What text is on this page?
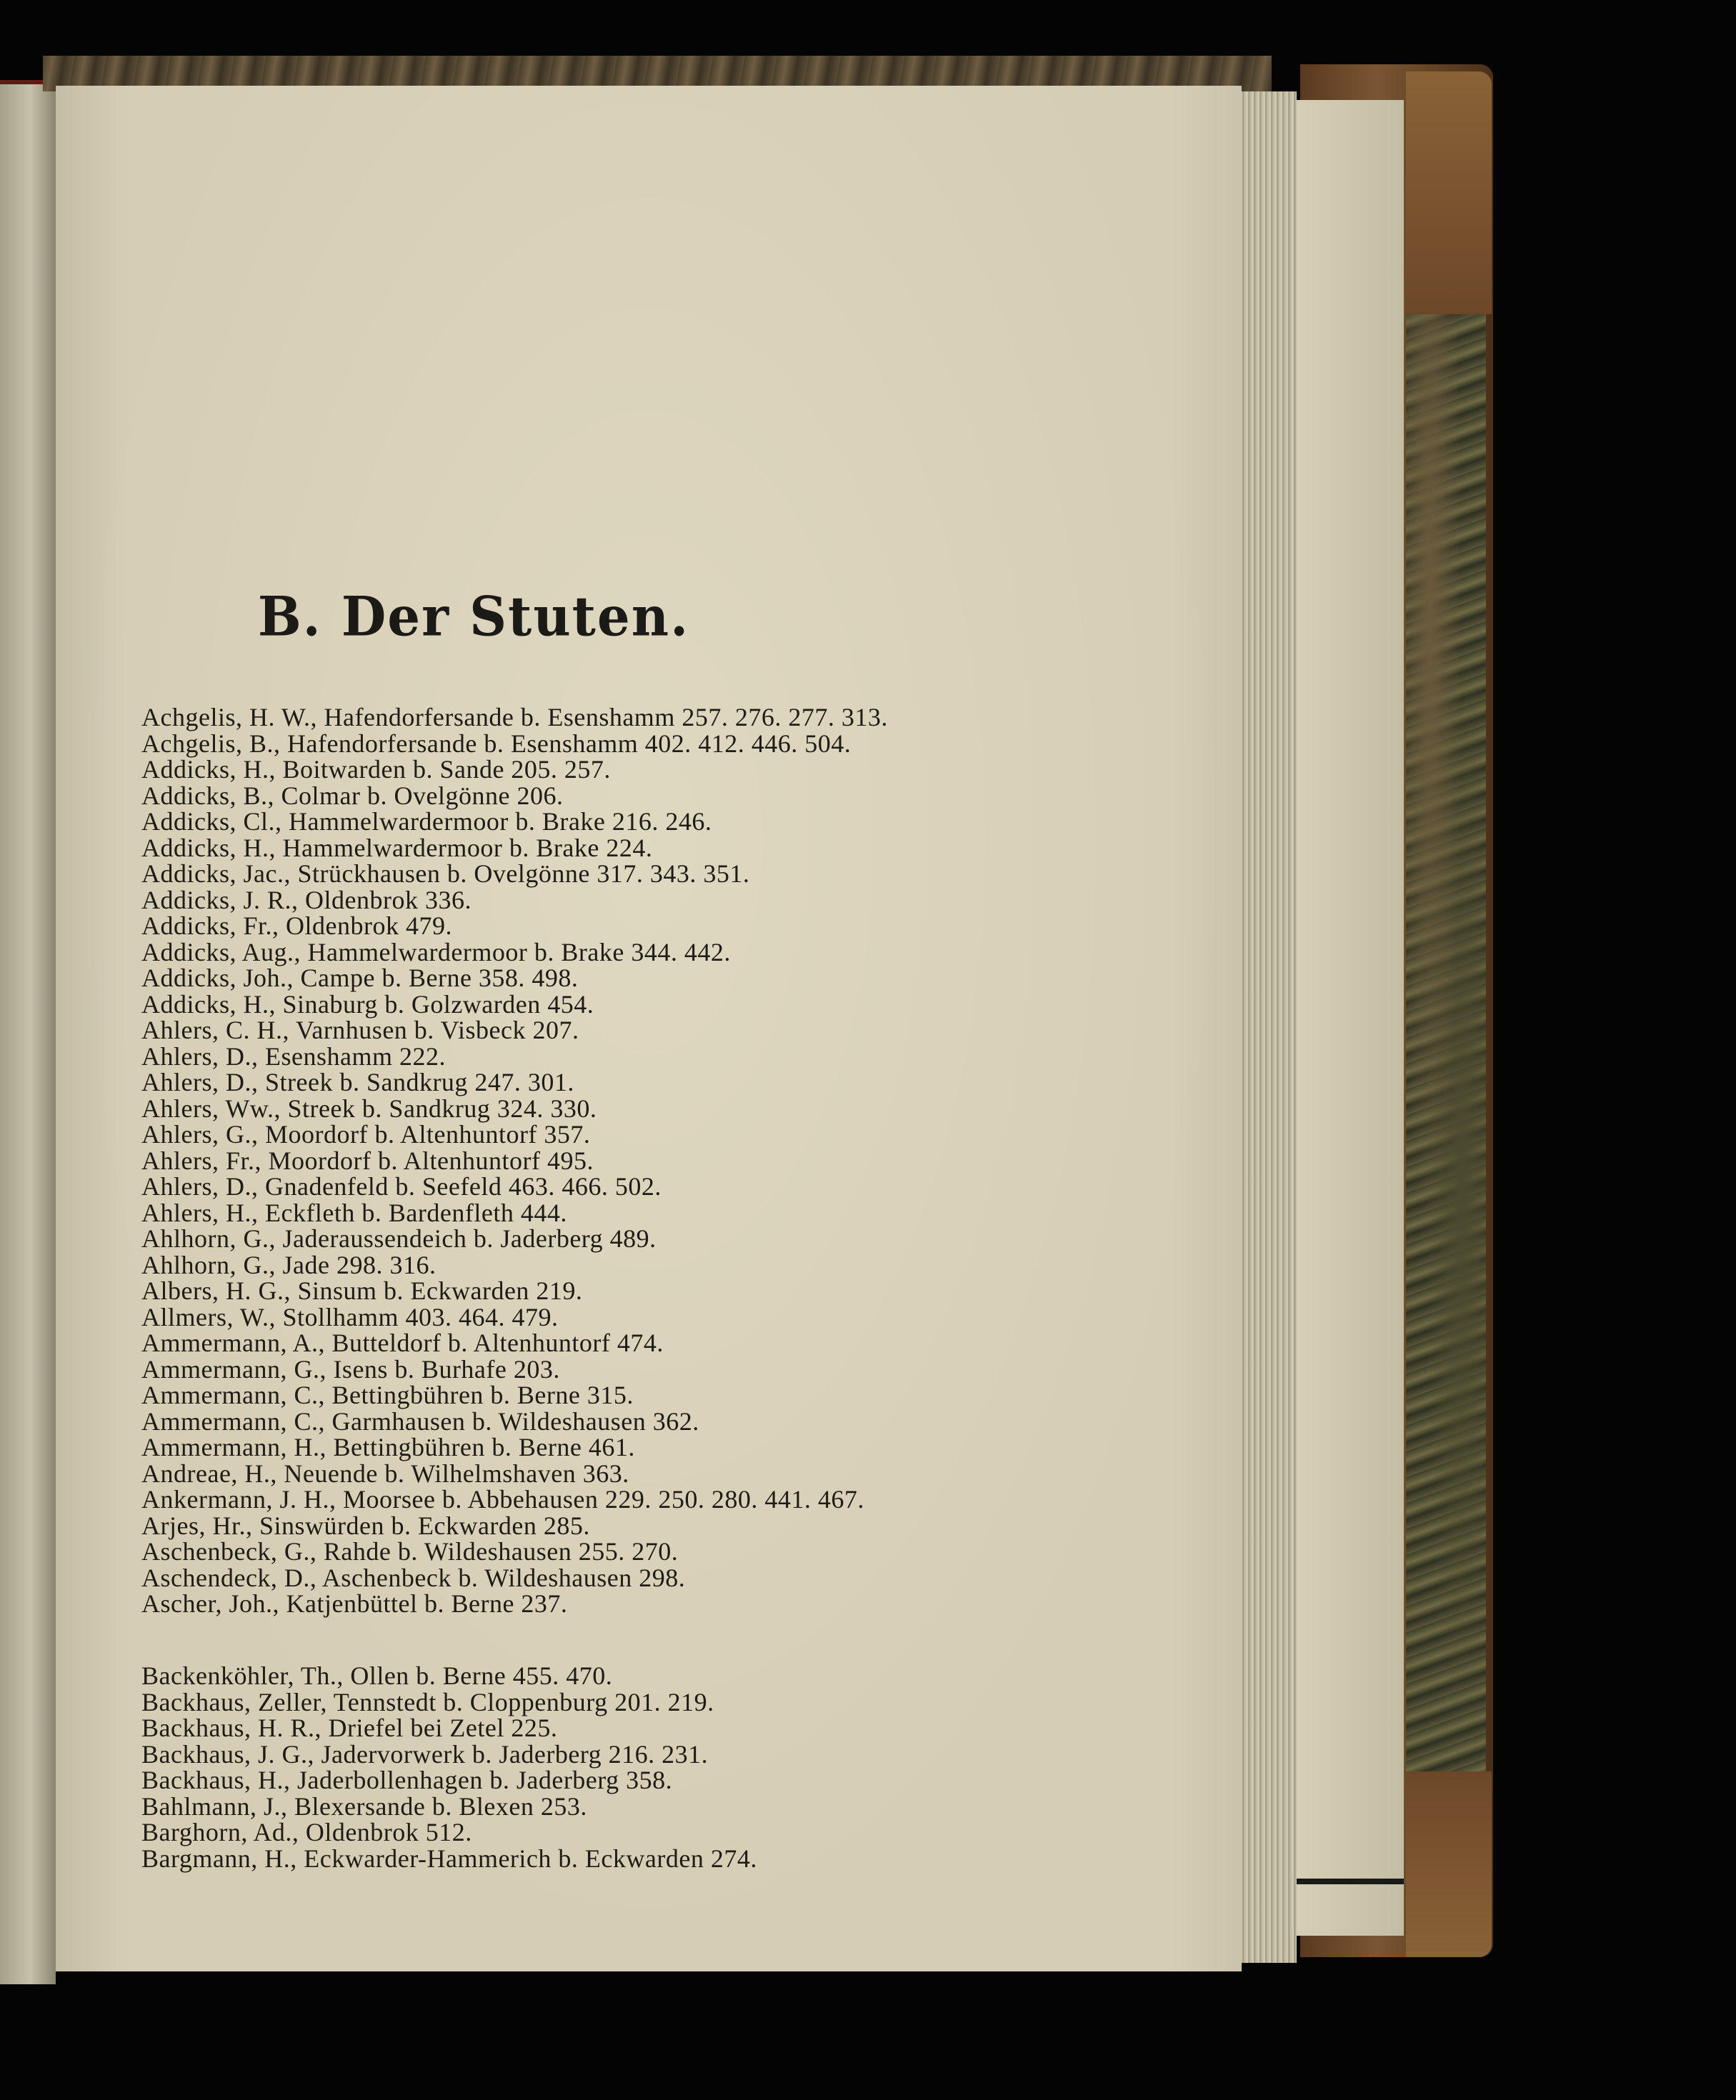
B. Der Stuten.
Achgelis, H. W., Hafendorfersande b. Esenshamm 257. 276. 277. 313.
Achgelis, B., Hafendorfersande b. Esenshamm 402. 412. 446. 504.
Addicks, H., Boitwarden b. Sande 205. 257.
Addicks, B., Colmar b. Ovelgönne 206.
Addicks, Cl., Hammelwardermoor b. Brake 216. 246.
Addicks, H., Hammelwardermoor b. Brake 224.
Addicks, Jac., Strückhausen b. Ovelgönne 317. 343. 351.
Addicks, J. R., Oldenbrok 336.
Addicks, Fr., Oldenbrok 479.
Addicks, Aug., Hammelwardermoor b. Brake 344. 442.
Addicks, Joh., Campe b. Berne 358. 498.
Addicks, H., Sinaburg b. Golzwarden 454.
Ahlers, C. H., Varnhusen b. Visbeck 207.
Ahlers, D., Esenshamm 222.
Ahlers, D., Streek b. Sandkrug 247. 301.
Ahlers, Ww., Streek b. Sandkrug 324. 330.
Ahlers, G., Moordorf b. Altenhuntorf 357.
Ahlers, Fr., Moordorf b. Altenhuntorf 495.
Ahlers, D., Gnadenfeld b. Seefeld 463. 466. 502.
Ahlers, H., Eckfleth b. Bardenfleth 444.
Ahlhorn, G., Jaderaussendeich b. Jaderberg 489.
Ahlhorn, G., Jade 298. 316.
Albers, H. G., Sinsum b. Eckwarden 219.
Allmers, W., Stollhamm 403. 464. 479.
Ammermann, A., Butteldorf b. Altenhuntorf 474.
Ammermann, G., Isens b. Burhafe 203.
Ammermann, C., Bettingbühren b. Berne 315.
Ammermann, C., Garmhausen b. Wildeshausen 362.
Ammermann, H., Bettingbühren b. Berne 461.
Andreae, H., Neuende b. Wilhelmshaven 363.
Ankermann, J. H., Moorsee b. Abbehausen 229. 250. 280. 441. 467.
Arjes, Hr., Sinswürden b. Eckwarden 285.
Aschenbeck, G., Rahde b. Wildeshausen 255. 270.
Aschendeck, D., Aschenbeck b. Wildeshausen 298.
Ascher, Joh., Katjenbüttel b. Berne 237.
Backenköhler, Th., Ollen b. Berne 455. 470.
Backhaus, Zeller, Tennstedt b. Cloppenburg 201. 219.
Backhaus, H. R., Driefel bei Zetel 225.
Backhaus, J. G., Jadervorwerk b. Jaderberg 216. 231.
Backhaus, H., Jaderbollenhagen b. Jaderberg 358.
Bahlmann, J., Blexersande b. Blexen 253.
Barghorn, Ad., Oldenbrok 512.
Bargmann, H., Eckwarder-Hammerich b. Eckwarden 274.
